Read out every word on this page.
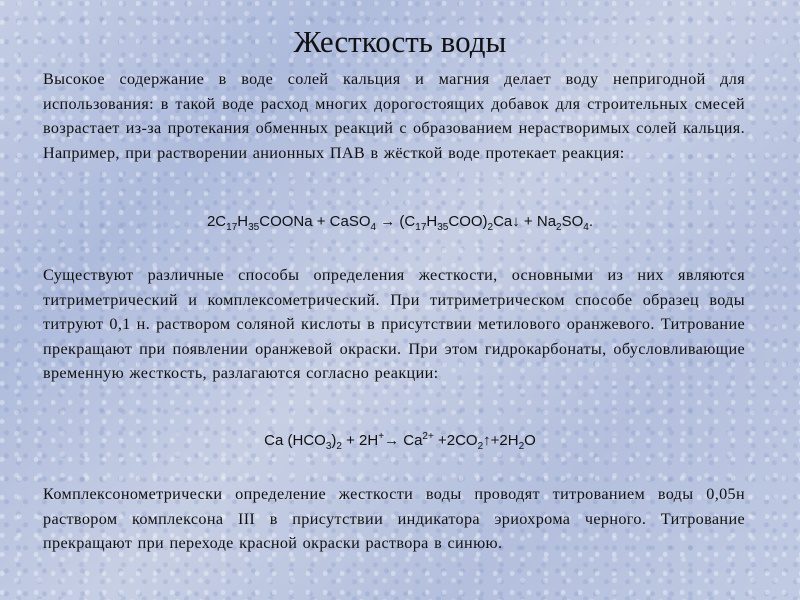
Жесткость воды
Высокое содержание в воде солей кальция и магния делает воду непригодной для использования: в такой воде расход многих дорогостоящих добавок для строительных смесей возрастает из-за протекания обменных реакций с образованием нерастворимых солей кальция. Например, при растворении анионных ПАВ в жёсткой воде протекает реакция:
$2C_{17}H_{35}COONa$ + CaSO$_4$ → $(C_{17}H_{35}COO)_2Ca↓ + Na_2SO_4$.
Существуют различные способы определения жесткости, основными из них являются титриметрический и комплексометрический. При титриметрическом способе образец воды титруют 0,1 н. раствором соляной кислоты в присутствии метилового оранжевого. Титрование прекращают при появлении оранжевой окраски. При этом гидрокарбонаты, обусловливающие временную жесткость, разлагаются согласно реакции:
Ca $(HCO_3)_2 + 2H^+\to Ca^{2+}$ $+2CO_2↑+2H_2O$
Комплексонометрически определение жесткости воды проводят титрованием воды 0,05н раствором комплексона III в присутствии индикатора эриохрома черного. Титрование прекращают при переходе красной окраски раствора в синюю.
